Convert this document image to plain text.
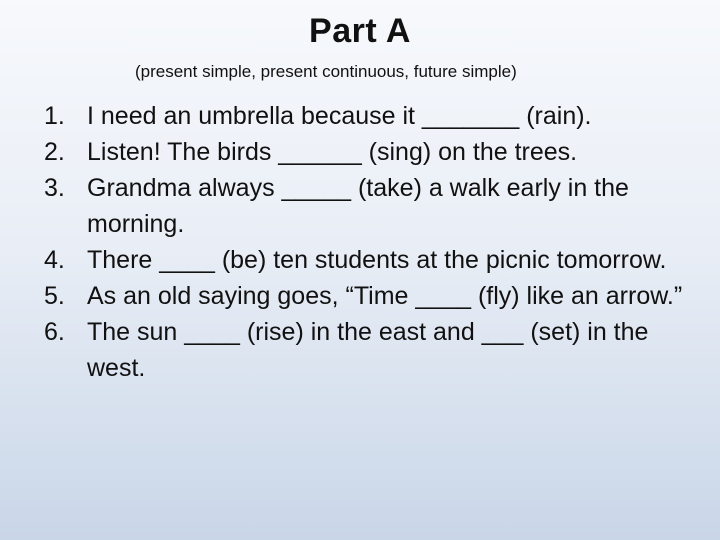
Part A

(present simple, present continuous, future simple)

1. I need an umbrella because it _______ (rain).
2. Listen! The birds ______ (sing) on the trees.
3. Grandma always _____ (take) a walk early in the morning.
4. There ____ (be) ten students at the picnic tomorrow.
5. As an old saying goes, “Time ____ (fly) like an arrow.”
6. The sun ____ (rise) in the east and ___ (set) in the west.
